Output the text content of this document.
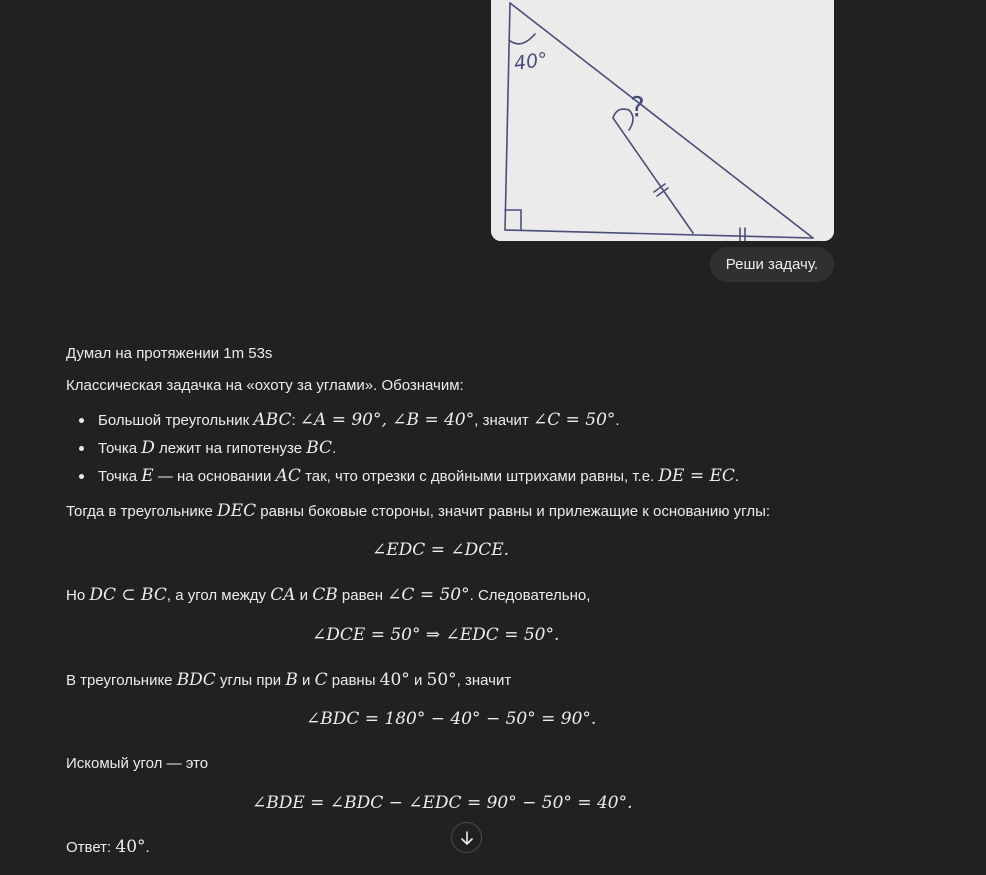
40°
?
Реши задачу.
Думал на протяжении 1m 53s
Классическая задачка на «охоту за углами». Обозначим:
Большой треугольник ABC: ∠A = 90°, ∠B = 40°, значит ∠C = 50°.
Точка D лежит на гипотенузе BC.
Точка E — на основании AC так, что отрезки с двойными штрихами равны, т.е. DE = EC.
Тогда в треугольнике DEC равны боковые стороны, значит равны и прилежащие к основанию углы:
∠EDC = ∠DCE.
Но DC ⊂ BC, а угол между CA и CB равен ∠C = 50°. Следовательно,
∠DCE = 50° ⇒ ∠EDC = 50°.
В треугольнике BDC углы при B и C равны 40° и 50°, значит
∠BDC = 180° − 40° − 50° = 90°.
Искомый угол — это
∠BDE = ∠BDC − ∠EDC = 90° − 50° = 40°.
Ответ: 40°.
